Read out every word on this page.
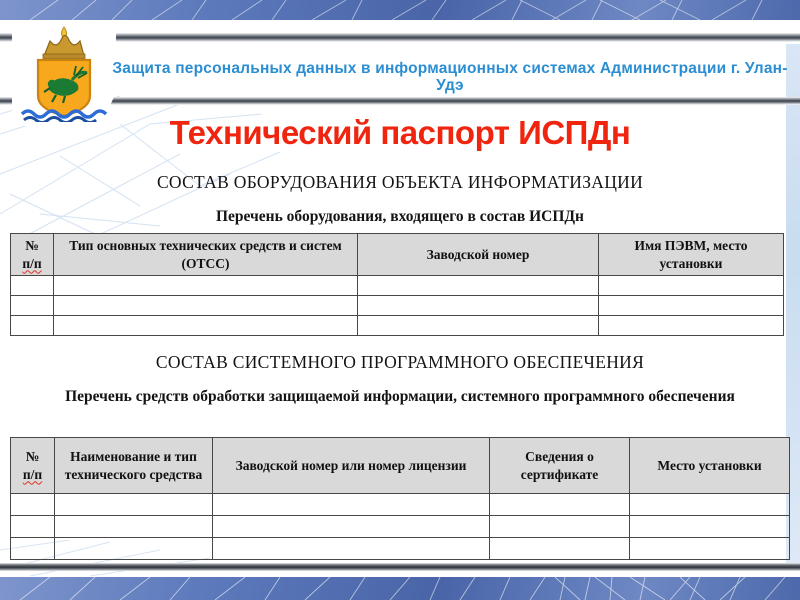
Защита персональных данных в информационных системах Администрации г. Улан-Удэ
Технический паспорт ИСПДн
СОСТАВ ОБОРУДОВАНИЯ ОБЪЕКТА ИНФОРМАТИЗАЦИИ
Перечень оборудования, входящего в состав ИСПДн
№
п/п	Тип основных технических средств и систем (ОТСС)	Заводской номер	Имя ПЭВМ, место установки

СОСТАВ СИСТЕМНОГО ПРОГРАММНОГО ОБЕСПЕЧЕНИЯ
Перечень средств обработки защищаемой информации, системного программного обеспечения
№
п/п	Наименование и тип технического средства	Заводской номер или номер лицензии	Сведения о сертификате	Место установки
